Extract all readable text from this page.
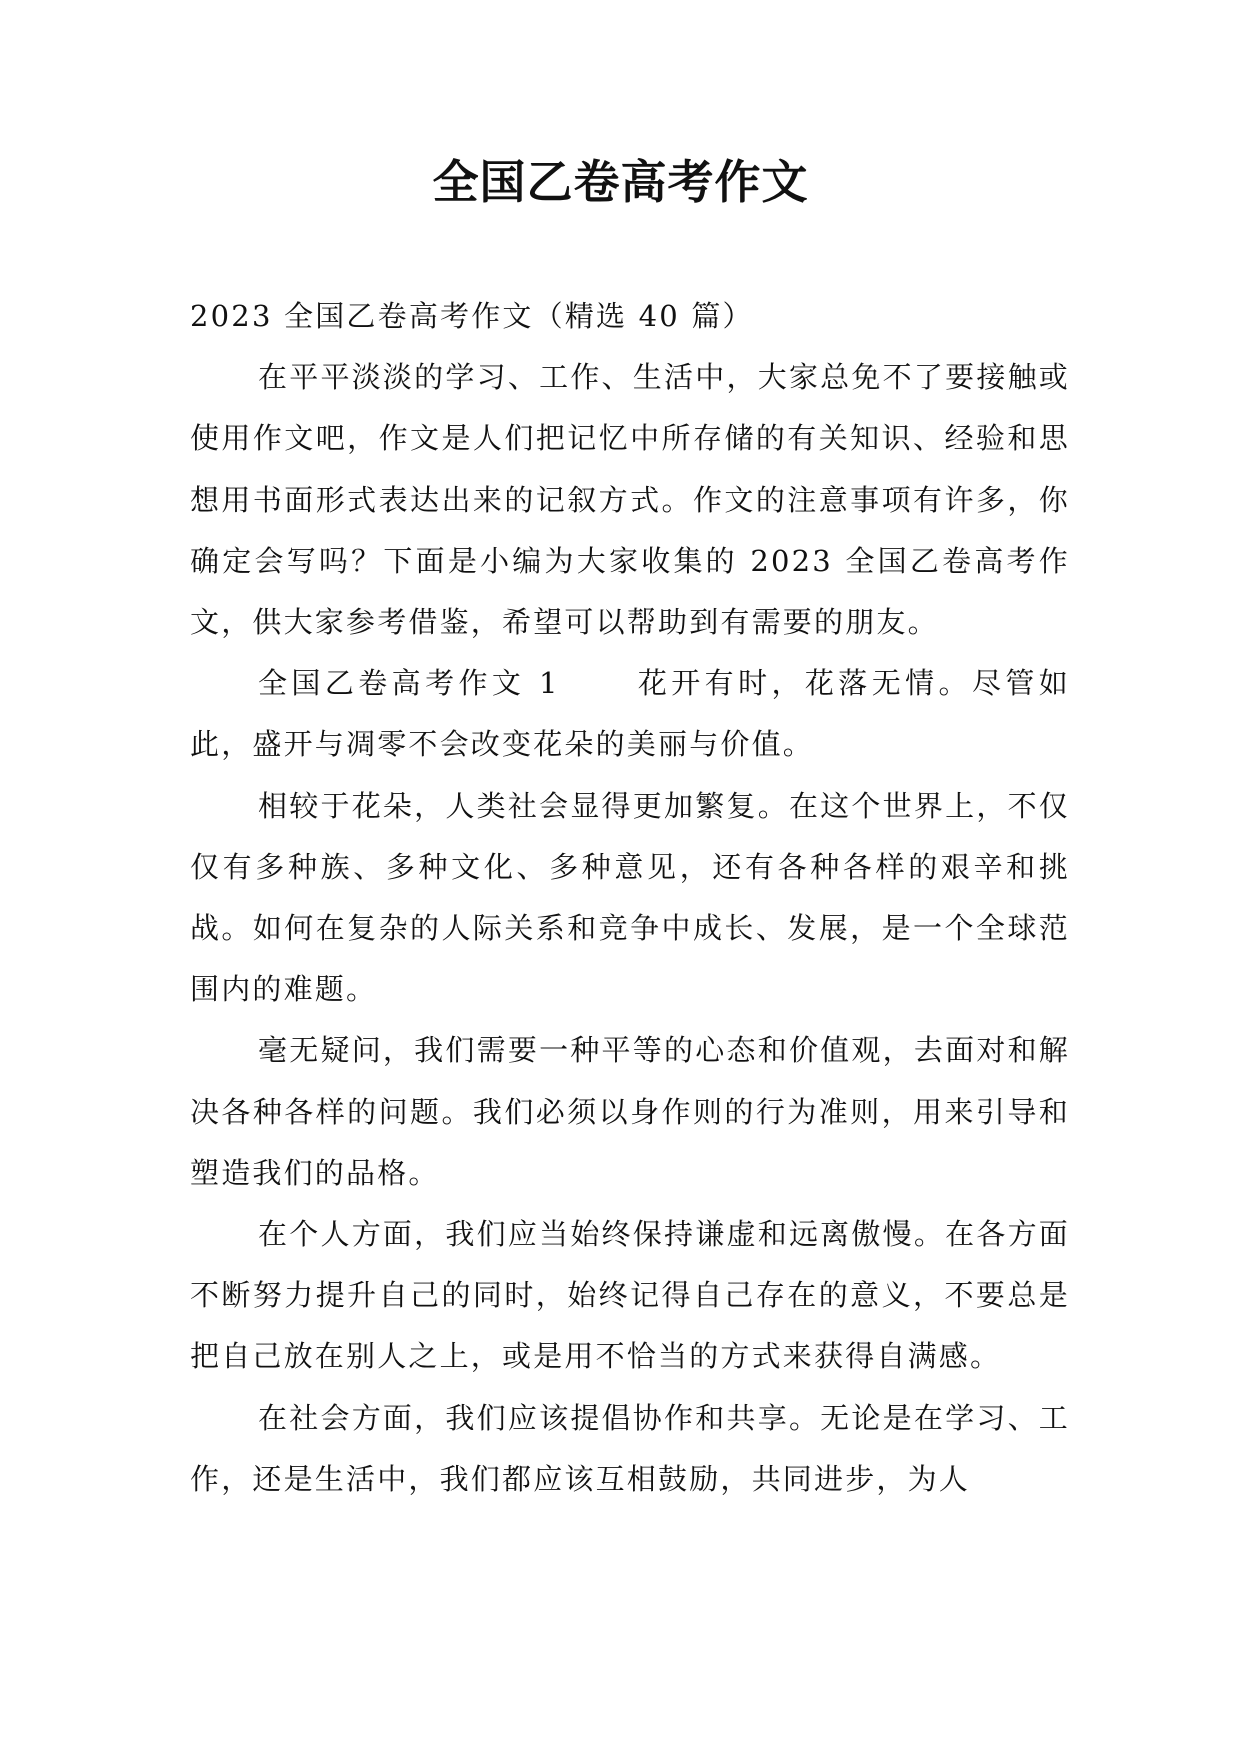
全国乙卷高考作文

2023 全国乙卷高考作文（精选 40 篇）

在平平淡淡的学习、工作、生活中，大家总免不了要接触或使用作文吧，作文是人们把记忆中所存储的有关知识、经验和思想用书面形式表达出来的记叙方式。作文的注意事项有许多，你确定会写吗？下面是小编为大家收集的 2023 全国乙卷高考作文，供大家参考借鉴，希望可以帮助到有需要的朋友。

全国乙卷高考作文 1	花开有时，花落无情。尽管如此，盛开与凋零不会改变花朵的美丽与价值。

相较于花朵，人类社会显得更加繁复。在这个世界上，不仅仅有多种族、多种文化、多种意见，还有各种各样的艰辛和挑战。如何在复杂的人际关系和竞争中成长、发展，是一个全球范围内的难题。

毫无疑问，我们需要一种平等的心态和价值观，去面对和解决各种各样的问题。我们必须以身作则的行为准则，用来引导和塑造我们的品格。

在个人方面，我们应当始终保持谦虚和远离傲慢。在各方面不断努力提升自己的同时，始终记得自己存在的意义，不要总是把自己放在别人之上，或是用不恰当的方式来获得自满感。

在社会方面，我们应该提倡协作和共享。无论是在学习、工作，还是生活中，我们都应该互相鼓励，共同进步，为人
